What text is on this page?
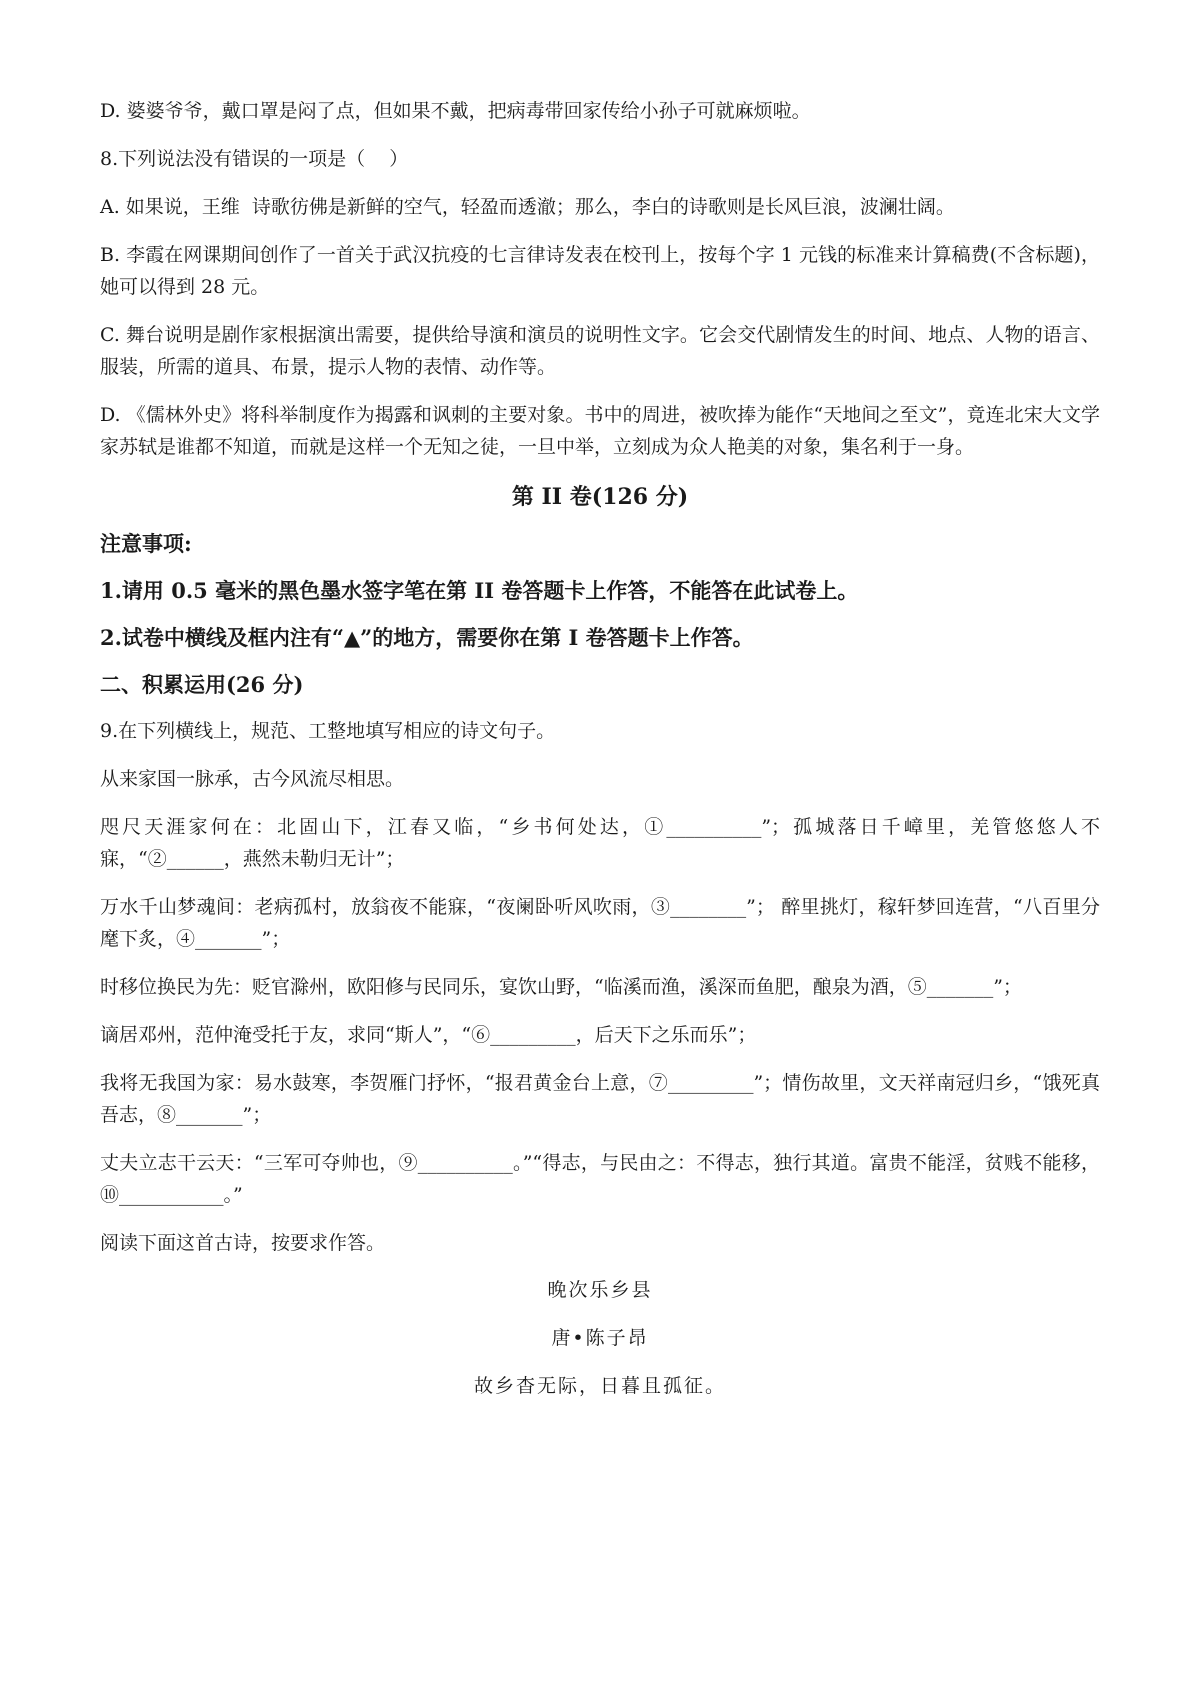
D. 婆婆爷爷，戴口罩是闷了点，但如果不戴，把病毒带回家传给小孙子可就麻烦啦。

8.下列说法没有错误的一项是（    ）

A. 如果说，王维  诗歌彷佛是新鲜的空气，轻盈而透澈；那么，李白的诗歌则是长风巨浪，波澜壮阔。

B. 李霞在网课期间创作了一首关于武汉抗疫的七言律诗发表在校刊上，按每个字 1 元钱的标准来计算稿费(不含标题)，她可以得到 28 元。

C. 舞台说明是剧作家根据演出需要，提供给导演和演员的说明性文字。它会交代剧情发生的时间、地点、人物的语言、服装，所需的道具、布景，提示人物的表情、动作等。

D. 《儒林外史》将科举制度作为揭露和讽刺的主要对象。书中的周进，被吹捧为能作“天地间之至文”，竟连北宋大文学家苏轼是谁都不知道，而就是这样一个无知之徒，一旦中举，立刻成为众人艳美的对象，集名利于一身。

第 II 卷(126 分)

注意事项:

1.请用 0.5 毫米的黑色墨水签字笔在第 II 卷答题卡上作答，不能答在此试卷上。

2.试卷中横线及框内注有“▲”的地方，需要你在第 I 卷答题卡上作答。

二、积累运用(26 分)

9.在下列横线上，规范、工整地填写相应的诗文句子。

从来家国一脉承，古今风流尽相思。

咫尺天涯家何在：北固山下，江春又临，“乡书何处达，①__________”；孤城落日千嶂里，羌管悠悠人不寐，“②______，燕然未勒归无计”；

万水千山梦魂间：老病孤村，放翁夜不能寐，“夜阑卧听风吹雨，③________”； 醉里挑灯，稼轩梦回连营，“八百里分麾下炙，④_______”；

时移位换民为先：贬官滁州，欧阳修与民同乐，宴饮山野，“临溪而渔，溪深而鱼肥，酿泉为酒，⑤_______”；

谪居邓州，范仲淹受托于友，求同“斯人”，“⑥_________，后天下之乐而乐”；

我将无我国为家：易水鼓寒，李贺雁门抒怀，“报君黄金台上意，⑦_________”；情伤故里，文天祥南冠归乡，“饿死真吾志，⑧_______”；

丈夫立志干云天：“三军可夺帅也，⑨__________。”“得志，与民由之：不得志，独行其道。富贵不能淫，贫贱不能移，⑩___________。”

阅读下面这首古诗，按要求作答。

晚次乐乡县

唐•陈子昂

故乡杳无际，日暮且孤征。
